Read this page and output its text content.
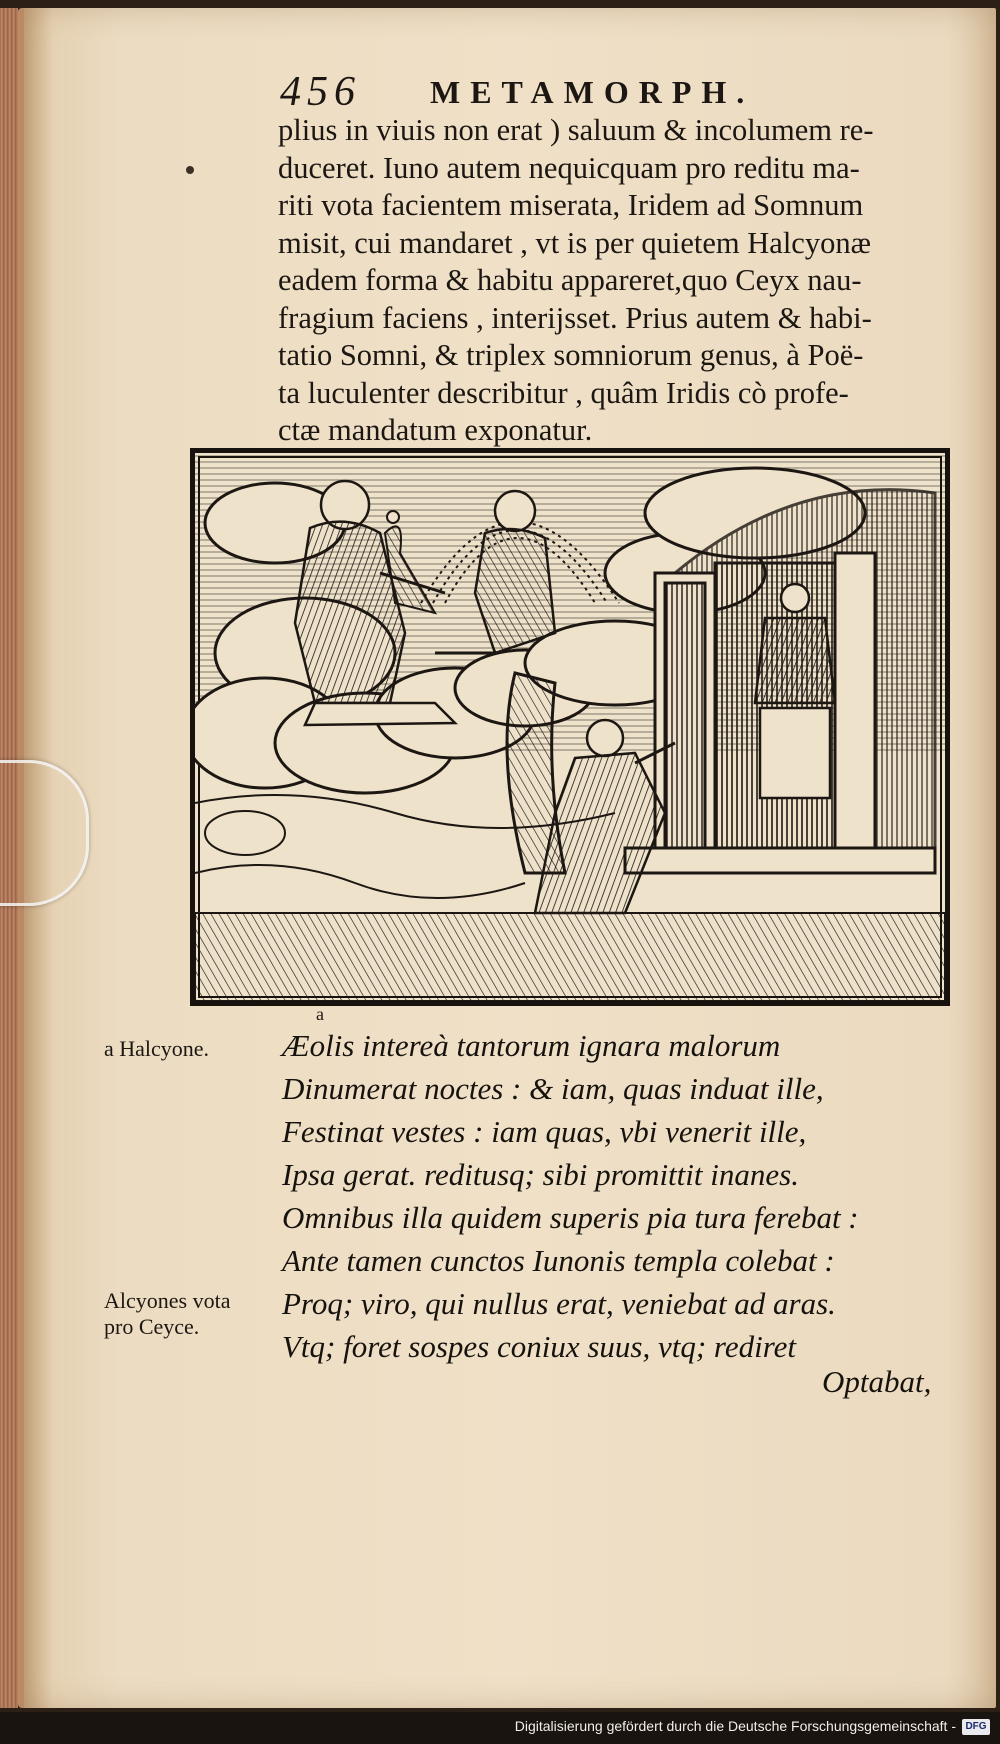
456 METAMORPH.
plius in viuis non erat ) saluum & incolumem re-
duceret. Iuno autem nequicquam pro reditu ma-
riti vota facientem miserata, Iridem ad Somnum
misit, cui mandaret , vt is per quietem Halcyonæ
eadem forma & habitu appareret,quo Ceyx nau-
fragium faciens , interijsset. Prius autem & habi-
tatio Somni, & triplex somniorum genus, à Poë-
ta luculenter describitur , quâm Iridis cò profe-
ctæ mandatum exponatur.
a Halcyone.
Alcyones vota
pro Ceyce.
a
Æolis intereà tantorum ignara malorum
Dinumerat noctes : & iam, quas induat ille,
Festinat vestes : iam quas, vbi venerit ille,
Ipsa gerat. reditusq; sibi promittit inanes.
Omnibus illa quidem superis pia tura ferebat :
Ante tamen cunctos Iunonis templa colebat :
Proq; viro, qui nullus erat, veniebat ad aras.
Vtq; foret sospes coniux suus, vtq; rediret
Optabat,
Digitalisierung gefördert durch die Deutsche Forschungsgemeinschaft - DFG
